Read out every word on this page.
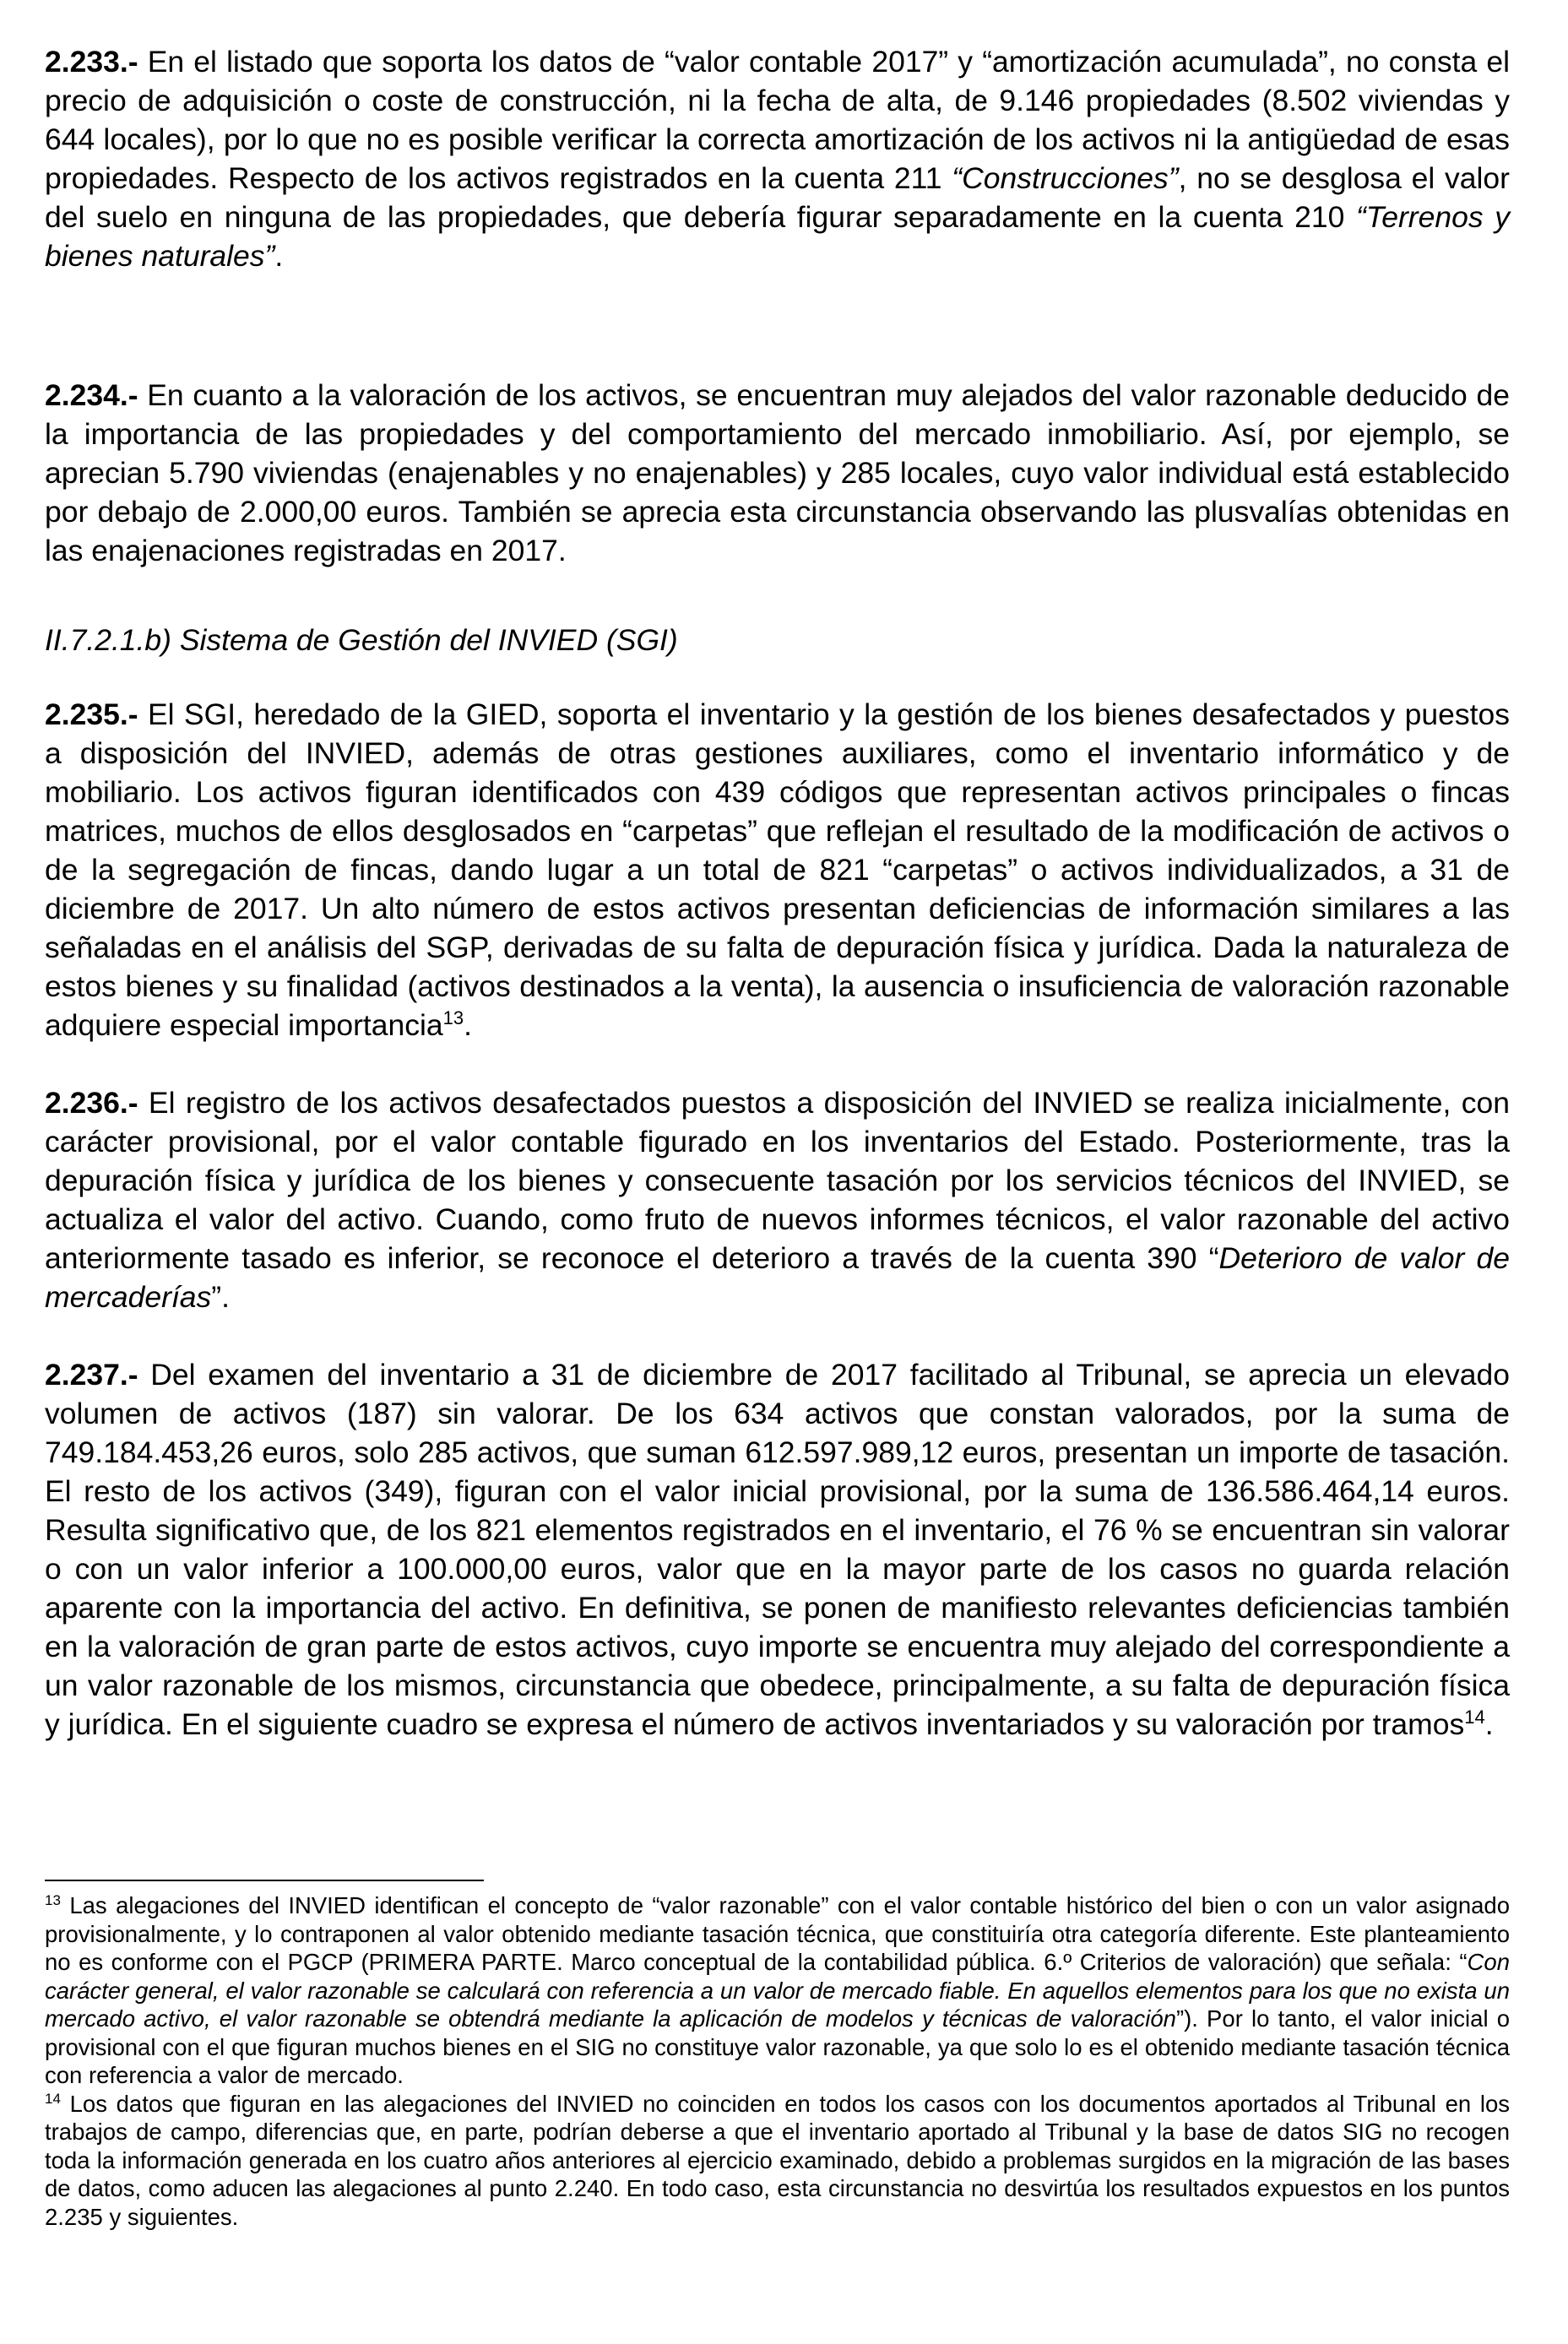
2.233.- En el listado que soporta los datos de “valor contable 2017” y “amortización acumulada”, no consta el precio de adquisición o coste de construcción, ni la fecha de alta, de 9.146 propiedades (8.502 viviendas y 644 locales), por lo que no es posible verificar la correcta amortización de los activos ni la antigüedad de esas propiedades. Respecto de los activos registrados en la cuenta 211 “Construcciones”, no se desglosa el valor del suelo en ninguna de las propiedades, que debería figurar separadamente en la cuenta 210 “Terrenos y bienes naturales”.

2.234.- En cuanto a la valoración de los activos, se encuentran muy alejados del valor razonable deducido de la importancia de las propiedades y del comportamiento del mercado inmobiliario. Así, por ejemplo, se aprecian 5.790 viviendas (enajenables y no enajenables) y 285 locales, cuyo valor individual está establecido por debajo de 2.000,00 euros. También se aprecia esta circunstancia observando las plusvalías obtenidas en las enajenaciones registradas en 2017.

II.7.2.1.b) Sistema de Gestión del INVIED (SGI)

2.235.- El SGI, heredado de la GIED, soporta el inventario y la gestión de los bienes desafectados y puestos a disposición del INVIED, además de otras gestiones auxiliares, como el inventario informático y de mobiliario. Los activos figuran identificados con 439 códigos que representan activos principales o fincas matrices, muchos de ellos desglosados en “carpetas” que reflejan el resultado de la modificación de activos o de la segregación de fincas, dando lugar a un total de 821 “carpetas” o activos individualizados, a 31 de diciembre de 2017. Un alto número de estos activos presentan deficiencias de información similares a las señaladas en el análisis del SGP, derivadas de su falta de depuración física y jurídica. Dada la naturaleza de estos bienes y su finalidad (activos destinados a la venta), la ausencia o insuficiencia de valoración razonable adquiere especial importancia$^{13}$.

2.236.- El registro de los activos desafectados puestos a disposición del INVIED se realiza inicialmente, con carácter provisional, por el valor contable figurado en los inventarios del Estado. Posteriormente, tras la depuración física y jurídica de los bienes y consecuente tasación por los servicios técnicos del INVIED, se actualiza el valor del activo. Cuando, como fruto de nuevos informes técnicos, el valor razonable del activo anteriormente tasado es inferior, se reconoce el deterioro a través de la cuenta 390 “Deterioro de valor de mercaderías”.

2.237.- Del examen del inventario a 31 de diciembre de 2017 facilitado al Tribunal, se aprecia un elevado volumen de activos (187) sin valorar. De los 634 activos que constan valorados, por la suma de 749.184.453,26 euros, solo 285 activos, que suman 612.597.989,12 euros, presentan un importe de tasación. El resto de los activos (349), figuran con el valor inicial provisional, por la suma de 136.586.464,14 euros. Resulta significativo que, de los 821 elementos registrados en el inventario, el 76 % se encuentran sin valorar o con un valor inferior a 100.000,00 euros, valor que en la mayor parte de los casos no guarda relación aparente con la importancia del activo. En definitiva, se ponen de manifiesto relevantes deficiencias también en la valoración de gran parte de estos activos, cuyo importe se encuentra muy alejado del correspondiente a un valor razonable de los mismos, circunstancia que obedece, principalmente, a su falta de depuración física y jurídica. En el siguiente cuadro se expresa el número de activos inventariados y su valoración por tramos$^{14}$.

$^{13}$ Las alegaciones del INVIED identifican el concepto de “valor razonable” con el valor contable histórico del bien o con un valor asignado provisionalmente, y lo contraponen al valor obtenido mediante tasación técnica, que constituiría otra categoría diferente. Este planteamiento no es conforme con el PGCP (PRIMERA PARTE. Marco conceptual de la contabilidad pública. 6.º Criterios de valoración) que señala: “Con carácter general, el valor razonable se calculará con referencia a un valor de mercado fiable. En aquellos elementos para los que no exista un mercado activo, el valor razonable se obtendrá mediante la aplicación de modelos y técnicas de valoración”). Por lo tanto, el valor inicial o provisional con el que figuran muchos bienes en el SIG no constituye valor razonable, ya que solo lo es el obtenido mediante tasación técnica con referencia a valor de mercado.

$^{14}$ Los datos que figuran en las alegaciones del INVIED no coinciden en todos los casos con los documentos aportados al Tribunal en los trabajos de campo, diferencias que, en parte, podrían deberse a que el inventario aportado al Tribunal y la base de datos SIG no recogen toda la información generada en los cuatro años anteriores al ejercicio examinado, debido a problemas surgidos en la migración de las bases de datos, como aducen las alegaciones al punto 2.240. En todo caso, esta circunstancia no desvirtúa los resultados expuestos en los puntos 2.235 y siguientes.
